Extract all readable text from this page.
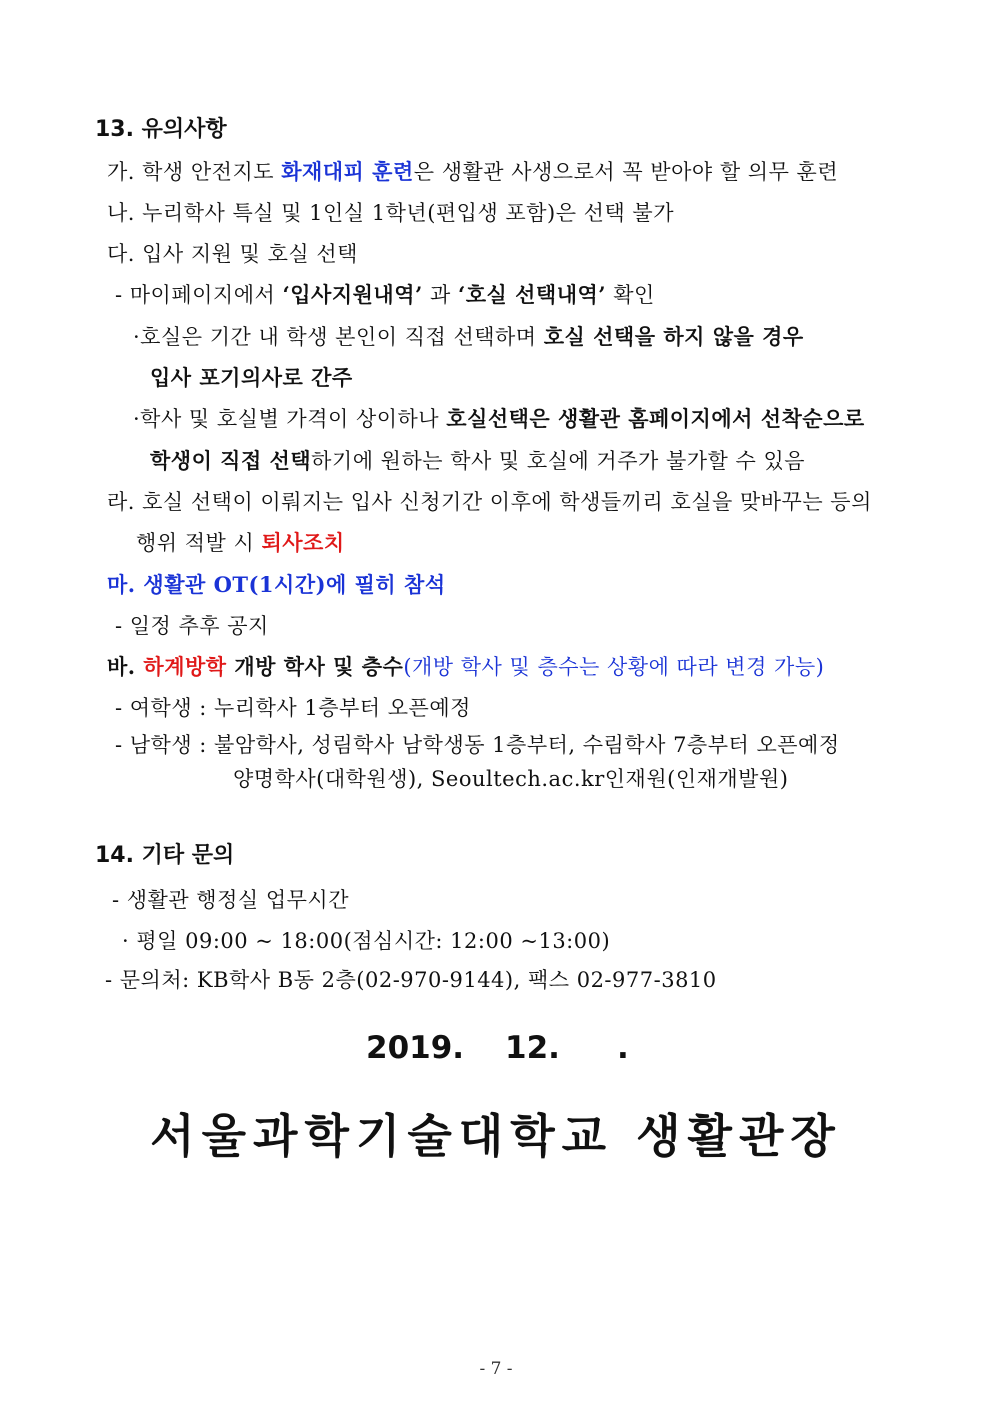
13. 유의사항
가. 학생 안전지도 화재대피 훈련은 생활관 사생으로서 꼭 받아야 할 의무 훈련
나. 누리학사 특실 및 1인실 1학년(편입생 포함)은 선택 불가
다. 입사 지원 및 호실 선택
- 마이페이지에서 ‘입사지원내역’ 과 ‘호실 선택내역’ 확인
·호실은 기간 내 학생 본인이 직접 선택하며 호실 선택을 하지 않을 경우
입사 포기의사로 간주
·학사 및 호실별 가격이 상이하나 호실선택은 생활관 홈페이지에서 선착순으로
학생이 직접 선택하기에 원하는 학사 및 호실에 거주가 불가할 수 있음
라. 호실 선택이 이뤄지는 입사 신청기간 이후에 학생들끼리 호실을 맞바꾸는 등의
행위 적발 시 퇴사조치
마. 생활관 OT(1시간)에 필히 참석
- 일정 추후 공지
바. 하계방학 개방 학사 및 층수(개방 학사 및 층수는 상황에 따라 변경 가능)
- 여학생 : 누리학사 1층부터 오픈예정
- 남학생 : 불암학사, 성림학사 남학생동 1층부터, 수림학사 7층부터 오픈예정
양명학사(대학원생), Seoultech.ac.kr인재원(인재개발원)
14. 기타 문의
- 생활관 행정실 업무시간
· 평일 09:00 ~ 18:00(점심시간: 12:00 ~13:00)
- 문의처: KB학사 B동 2층(02-970-9144), 팩스 02-977-3810
2019. 12. .
서울과학기술대학교 생활관장
- 7 -
